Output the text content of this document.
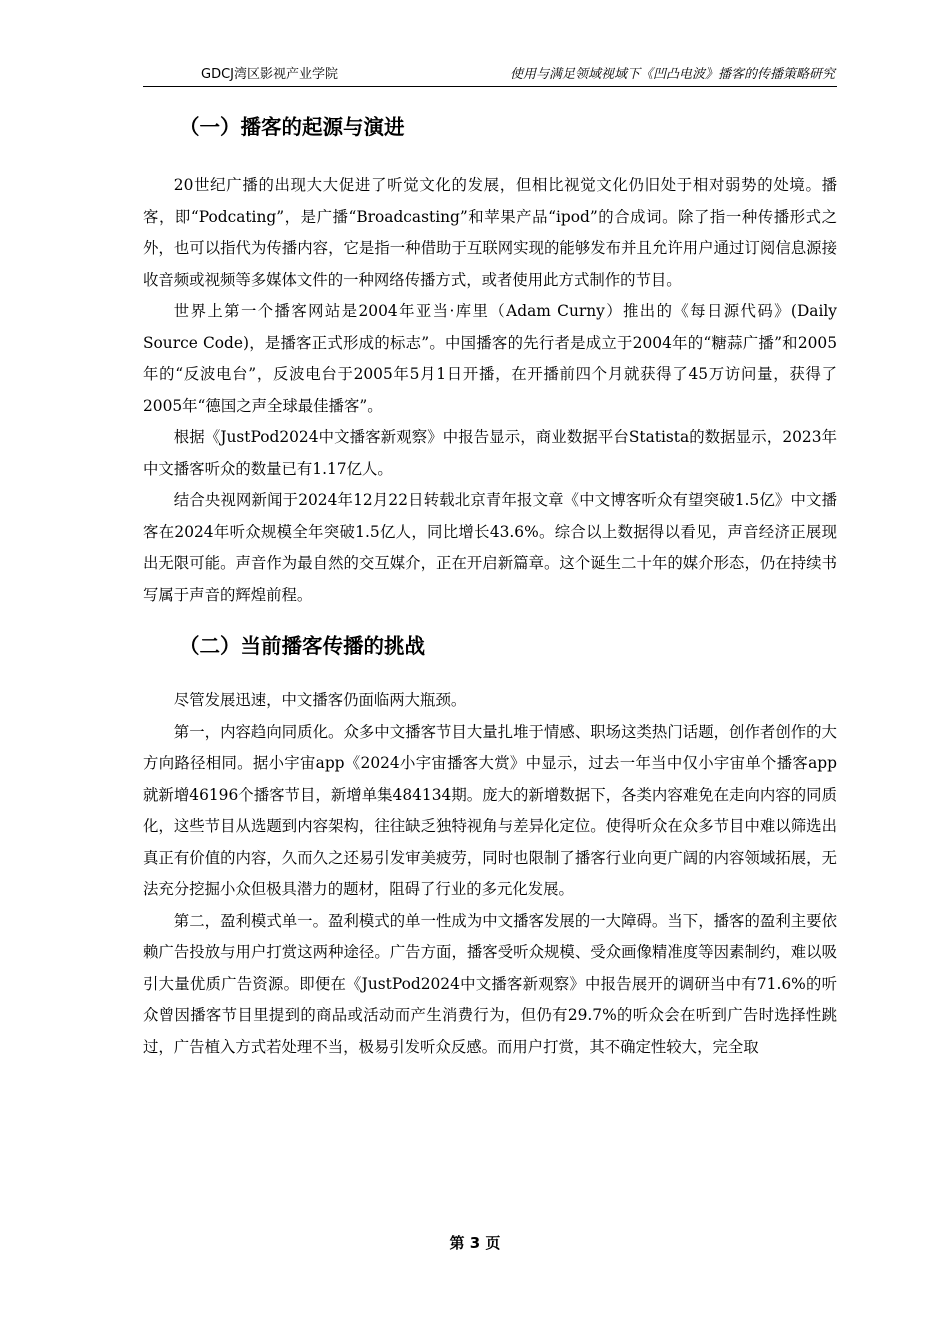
GDCJ湾区影视产业学院	使用与满足领域视域下《凹凸电波》播客的传播策略研究
（一）播客的起源与演进

20世纪广播的出现大大促进了听觉文化的发展，但相比视觉文化仍旧处于相对弱势的处境。播客，即“Podcating”，是广播“Broadcasting”和苹果产品“ipod”的合成词。除了指一种传播形式之外，也可以指代为传播内容，它是指一种借助于互联网实现的能够发布并且允许用户通过订阅信息源接收音频或视频等多媒体文件的一种网络传播方式，或者使用此方式制作的节目。

世界上第一个播客网站是2004年亚当·库里（Adam Curny）推出的《每日源代码》(Daily Source Code)，是播客正式形成的标志”。中国播客的先行者是成立于2004年的“糖蒜广播”和2005年的“反波电台”，反波电台于2005年5月1日开播，在开播前四个月就获得了45万访问量，获得了2005年“德国之声全球最佳播客”。

根据《JustPod2024中文播客新观察》中报告显示，商业数据平台Statista的数据显示，2023年中文播客听众的数量已有1.17亿人。

结合央视网新闻于2024年12月22日转载北京青年报文章《中文博客听众有望突破1.5亿》中文播客在2024年听众规模全年突破1.5亿人，同比增长43.6%。综合以上数据得以看见，声音经济正展现出无限可能。声音作为最自然的交互媒介，正在开启新篇章。这个诞生二十年的媒介形态，仍在持续书写属于声音的辉煌前程。

（二）当前播客传播的挑战

尽管发展迅速，中文播客仍面临两大瓶颈。

第一，内容趋向同质化。众多中文播客节目大量扎堆于情感、职场这类热门话题，创作者创作的大方向路径相同。据小宇宙app《2024小宇宙播客大赏》中显示，过去一年当中仅小宇宙单个播客app就新增46196个播客节目，新增单集484134期。庞大的新增数据下，各类内容难免在走向内容的同质化，这些节目从选题到内容架构，往往缺乏独特视角与差异化定位。使得听众在众多节目中难以筛选出真正有价值的内容，久而久之还易引发审美疲劳，同时也限制了播客行业向更广阔的内容领域拓展，无法充分挖掘小众但极具潜力的题材，阻碍了行业的多元化发展。

第二，盈利模式单一。盈利模式的单一性成为中文播客发展的一大障碍。当下，播客的盈利主要依赖广告投放与用户打赏这两种途径。广告方面，播客受听众规模、受众画像精准度等因素制约，难以吸引大量优质广告资源。即便在《JustPod2024中文播客新观察》中报告展开的调研当中有71.6%的听众曾因播客节目里提到的商品或活动而产生消费行为，但仍有29.7%的听众会在听到广告时选择性跳过，广告植入方式若处理不当，极易引发听众反感。而用户打赏，其不确定性较大，完全取

第 3 页
